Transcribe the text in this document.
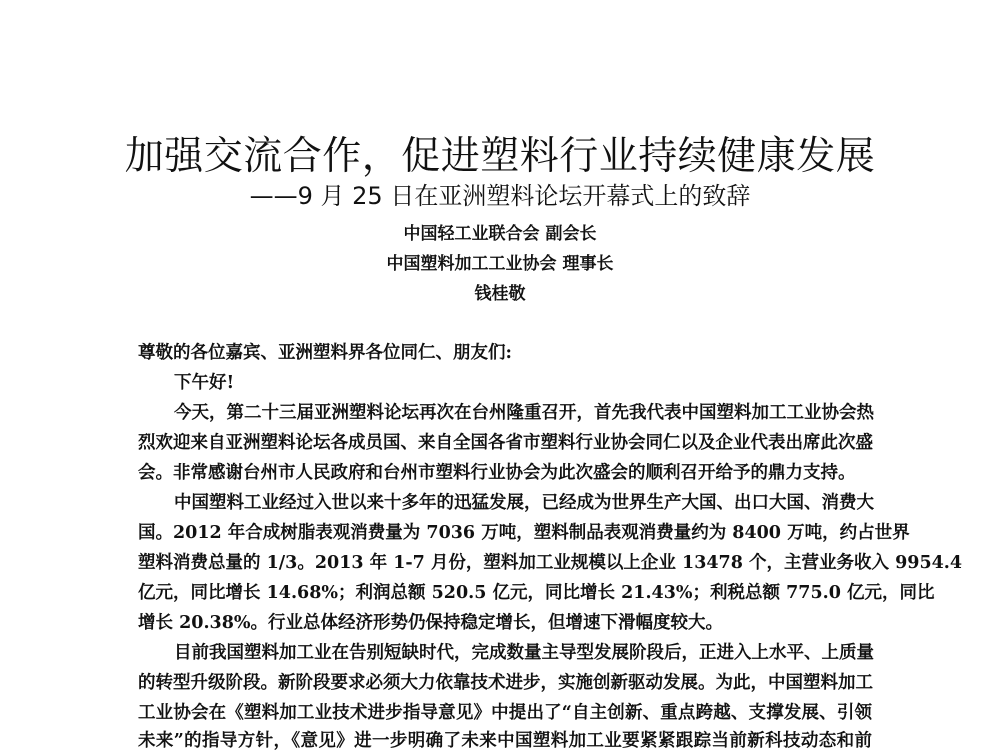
加强交流合作，促进塑料行业持续健康发展
——9 月 25 日在亚洲塑料论坛开幕式上的致辞
中国轻工业联合会 副会长
中国塑料加工工业协会 理事长
钱桂敬
尊敬的各位嘉宾、亚洲塑料界各位同仁、朋友们:
下午好!
今天，第二十三届亚洲塑料论坛再次在台州隆重召开，首先我代表中国塑料加工工业协会热
烈欢迎来自亚洲塑料论坛各成员国、来自全国各省市塑料行业协会同仁以及企业代表出席此次盛
会。非常感谢台州市人民政府和台州市塑料行业协会为此次盛会的顺利召开给予的鼎力支持。
中国塑料工业经过入世以来十多年的迅猛发展，已经成为世界生产大国、出口大国、消费大
国。2012 年合成树脂表观消费量为 7036 万吨，塑料制品表观消费量约为 8400 万吨，约占世界
塑料消费总量的 1/3。2013 年 1-7 月份，塑料加工业规模以上企业 13478 个，主营业务收入 9954.4
亿元，同比增长 14.68%；利润总额 520.5 亿元，同比增长 21.43%；利税总额 775.0 亿元，同比
增长 20.38%。行业总体经济形势仍保持稳定增长，但增速下滑幅度较大。
目前我国塑料加工业在告别短缺时代，完成数量主导型发展阶段后，正进入上水平、上质量
的转型升级阶段。新阶段要求必须大力依靠技术进步，实施创新驱动发展。为此，中国塑料加工
工业协会在《塑料加工业技术进步指导意见》中提出了“自主创新、重点跨越、支撑发展、引领
未来”的指导方针，《意见》进一步明确了未来中国塑料加工业要紧紧跟踪当前新科技动态和前
